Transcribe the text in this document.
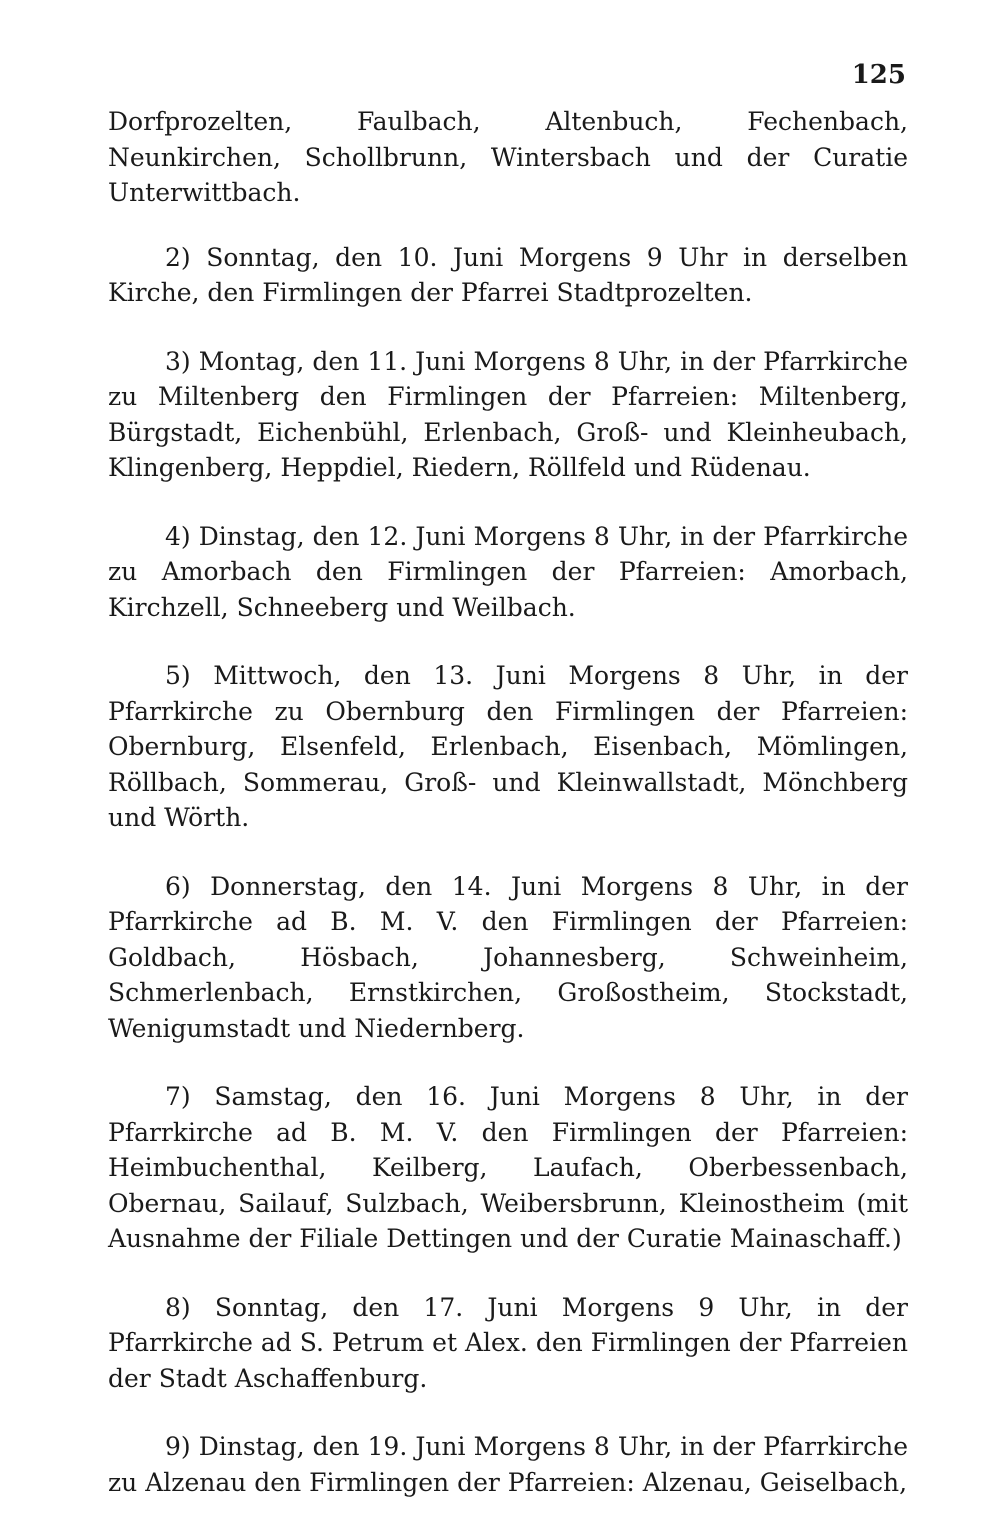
125

Dorfprozelten, Faulbach, Altenbuch, Fechenbach, Neunkirchen, Schollbrunn, Wintersbach und der Curatie Unterwittbach.

2) Sonntag, den 10. Juni Morgens 9 Uhr in derselben Kirche, den Firmlingen der Pfarrei Stadtprozelten.

3) Montag, den 11. Juni Morgens 8 Uhr, in der Pfarrkirche zu Miltenberg den Firmlingen der Pfarreien: Miltenberg, Bürgstadt, Eichenbühl, Erlenbach, Groß- und Kleinheubach, Klingenberg, Heppdiel, Riedern, Röllfeld und Rüdenau.

4) Dinstag, den 12. Juni Morgens 8 Uhr, in der Pfarrkirche zu Amorbach den Firmlingen der Pfarreien: Amorbach, Kirchzell, Schneeberg und Weilbach.

5) Mittwoch, den 13. Juni Morgens 8 Uhr, in der Pfarrkirche zu Obernburg den Firmlingen der Pfarreien: Obernburg, Elsenfeld, Erlenbach, Eisenbach, Mömlingen, Röllbach, Sommerau, Groß- und Kleinwallstadt, Mönchberg und Wörth.

6) Donnerstag, den 14. Juni Morgens 8 Uhr, in der Pfarrkirche ad B. M. V. den Firmlingen der Pfarreien: Goldbach, Hösbach, Johannesberg, Schweinheim, Schmerlenbach, Ernstkirchen, Großostheim, Stockstadt, Wenigumstadt und Niedernberg.

7) Samstag, den 16. Juni Morgens 8 Uhr, in der Pfarrkirche ad B. M. V. den Firmlingen der Pfarreien: Heimbuchenthal, Keilberg, Laufach, Oberbessenbach, Obernau, Sailauf, Sulzbach, Weibersbrunn, Kleinostheim (mit Ausnahme der Filiale Dettingen und der Curatie Mainaschaff.)

8) Sonntag, den 17. Juni Morgens 9 Uhr, in der Pfarrkirche ad S. Petrum et Alex. den Firmlingen der Pfarreien der Stadt Aschaffenburg.

9) Dinstag, den 19. Juni Morgens 8 Uhr, in der Pfarrkirche zu Alzenau den Firmlingen der Pfarreien: Alzenau, Geiselbach,
